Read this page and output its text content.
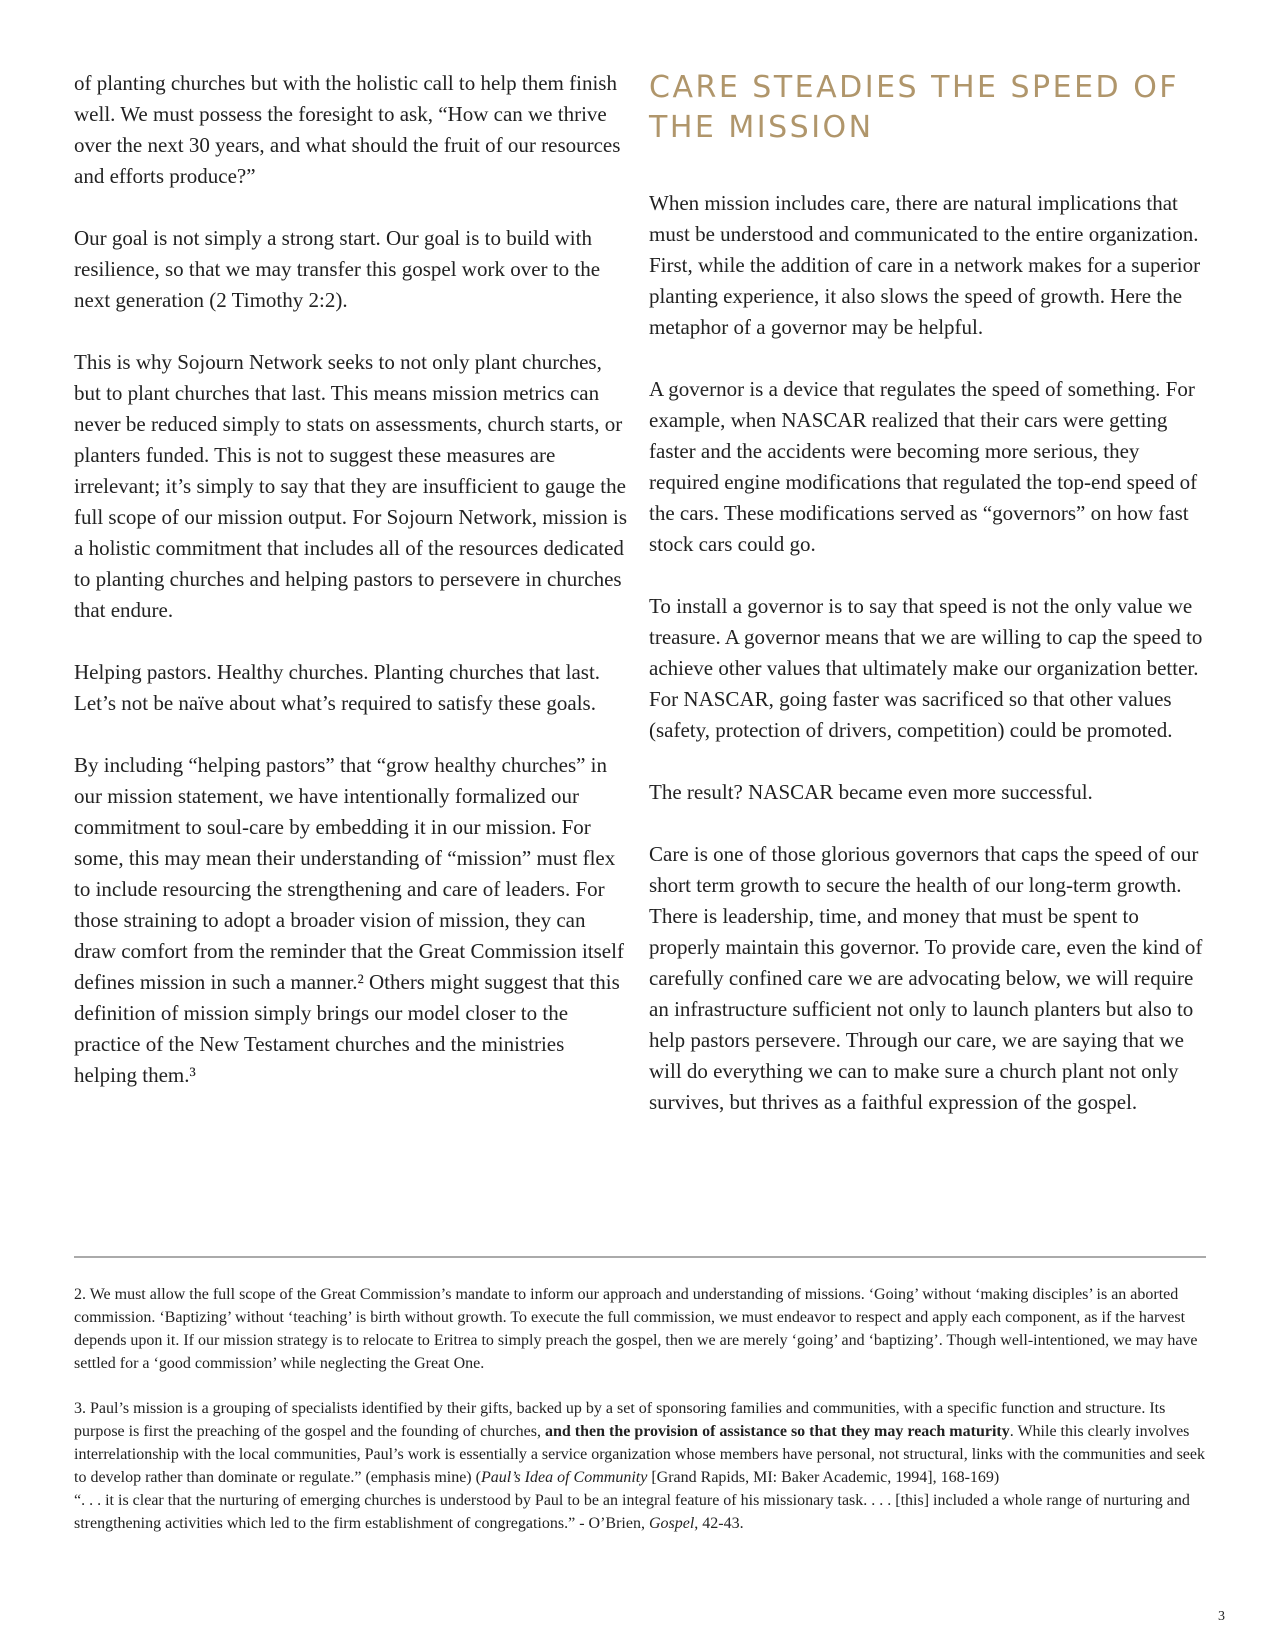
of planting churches but with the holistic call to help them finish well. We must possess the foresight to ask, “How can we thrive over the next 30 years, and what should the fruit of our resources and efforts produce?”

Our goal is not simply a strong start. Our goal is to build with resilience, so that we may transfer this gospel work over to the next generation (2 Timothy 2:2).

This is why Sojourn Network seeks to not only plant churches, but to plant churches that last. This means mission metrics can never be reduced simply to stats on assessments, church starts, or planters funded. This is not to suggest these measures are irrelevant; it’s simply to say that they are insufficient to gauge the full scope of our mission output. For Sojourn Network, mission is a holistic commitment that includes all of the resources dedicated to planting churches and helping pastors to persevere in churches that endure.

Helping pastors. Healthy churches. Planting churches that last. Let’s not be naïve about what’s required to satisfy these goals.

By including “helping pastors” that “grow healthy churches” in our mission statement, we have intentionally formalized our commitment to soul-care by embedding it in our mission. For some, this may mean their understanding of “mission” must flex to include resourcing the strengthening and care of leaders. For those straining to adopt a broader vision of mission, they can draw comfort from the reminder that the Great Commission itself defines mission in such a manner.² Others might suggest that this definition of mission simply brings our model closer to the practice of the New Testament churches and the ministries helping them.³

CARE STEADIES THE SPEED OF THE MISSION

When mission includes care, there are natural implications that must be understood and communicated to the entire organization. First, while the addition of care in a network makes for a superior planting experience, it also slows the speed of growth. Here the metaphor of a governor may be helpful.

A governor is a device that regulates the speed of something. For example, when NASCAR realized that their cars were getting faster and the accidents were becoming more serious, they required engine modifications that regulated the top-end speed of the cars. These modifications served as “governors” on how fast stock cars could go.

To install a governor is to say that speed is not the only value we treasure. A governor means that we are willing to cap the speed to achieve other values that ultimately make our organization better. For NASCAR, going faster was sacrificed so that other values (safety, protection of drivers, competition) could be promoted.

The result? NASCAR became even more successful.

Care is one of those glorious governors that caps the speed of our short term growth to secure the health of our long-term growth. There is leadership, time, and money that must be spent to properly maintain this governor. To provide care, even the kind of carefully confined care we are advocating below, we will require an infrastructure sufficient not only to launch planters but also to help pastors persevere. Through our care, we are saying that we will do everything we can to make sure a church plant not only survives, but thrives as a faithful expression of the gospel.

2. We must allow the full scope of the Great Commission’s mandate to inform our approach and understanding of missions. ‘Going’ without ‘making disciples’ is an aborted commission. ‘Baptizing’ without ‘teaching’ is birth without growth. To execute the full commission, we must endeavor to respect and apply each component, as if the harvest depends upon it. If our mission strategy is to relocate to Eritrea to simply preach the gospel, then we are merely ‘going’ and ‘baptizing’. Though well-intentioned, we may have settled for a ‘good commission’ while neglecting the Great One.

3. Paul’s mission is a grouping of specialists identified by their gifts, backed up by a set of sponsoring families and communities, with a specific function and structure. Its purpose is first the preaching of the gospel and the founding of churches, and then the provision of assistance so that they may reach maturity. While this clearly involves interrelationship with the local communities, Paul’s work is essentially a service organization whose members have personal, not structural, links with the communities and seek to develop rather than dominate or regulate.” (emphasis mine) (Paul’s Idea of Community [Grand Rapids, MI: Baker Academic, 1994], 168-169)
“. . . it is clear that the nurturing of emerging churches is understood by Paul to be an integral feature of his missionary task. . . . [this] included a whole range of nurturing and strengthening activities which led to the firm establishment of congregations.” - O’Brien, Gospel, 42-43.

3
